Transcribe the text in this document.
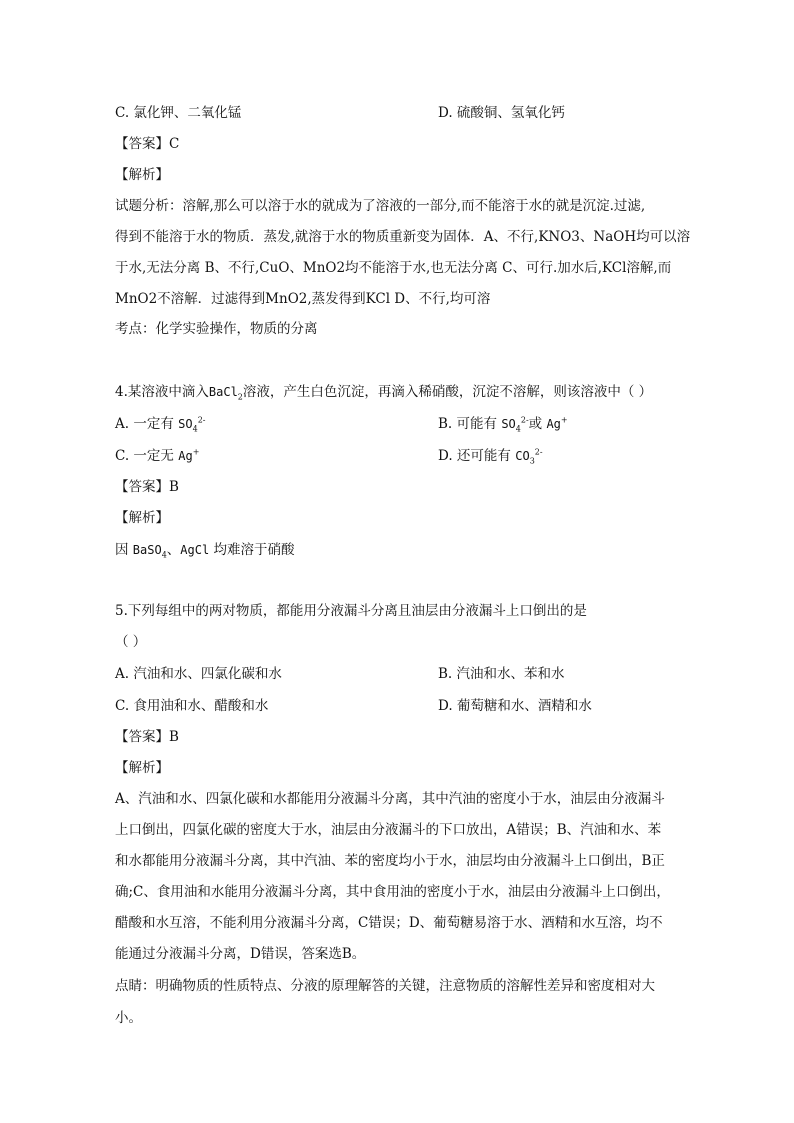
C. 氯化钾、二氧化锰	D. 硫酸铜、氢氧化钙
【答案】C
【解析】
试题分析：溶解,那么可以溶于水的就成为了溶液的一部分,而不能溶于水的就是沉淀.过滤,
得到不能溶于水的物质．蒸发,就溶于水的物质重新变为固体．A、不行,KNO3、NaOH均可以溶
于水,无法分离 B、不行,CuO、MnO2均不能溶于水,也无法分离 C、可行.加水后,KCl溶解,而
MnO2不溶解．过滤得到MnO2,蒸发得到KCl D、不行,均可溶
考点：化学实验操作，物质的分离
4.某溶液中滴入BaCl$_2$溶液，产生白色沉淀，再滴入稀硝酸，沉淀不溶解，则该溶液中（ ）
A. 一定有 $SO_4^{2-}$	B. 可能有 $SO_4^{2-}$或 Ag+
C. 一定无 Ag+	D. 还可能有 $CO_3^{2-}$
【答案】B
【解析】
因 BaSO$_4$、AgCl 均难溶于硝酸
5.下列每组中的两对物质，都能用分液漏斗分离且油层由分液漏斗上口倒出的是
（ ）
A. 汽油和水、四氯化碳和水	B. 汽油和水、苯和水
C. 食用油和水、醋酸和水	D. 葡萄糖和水、酒精和水
【答案】B
【解析】
A、汽油和水、四氯化碳和水都能用分液漏斗分离，其中汽油的密度小于水，油层由分液漏斗
上口倒出，四氯化碳的密度大于水，油层由分液漏斗的下口放出，A错误；B、汽油和水、苯
和水都能用分液漏斗分离，其中汽油、苯的密度均小于水，油层均由分液漏斗上口倒出，B正
确;C、食用油和水能用分液漏斗分离，其中食用油的密度小于水，油层由分液漏斗上口倒出，
醋酸和水互溶，不能利用分液漏斗分离，C错误；D、葡萄糖易溶于水、酒精和水互溶，均不
能通过分液漏斗分离，D错误，答案选B。
点睛：明确物质的性质特点、分液的原理解答的关键，注意物质的溶解性差异和密度相对大
小。
